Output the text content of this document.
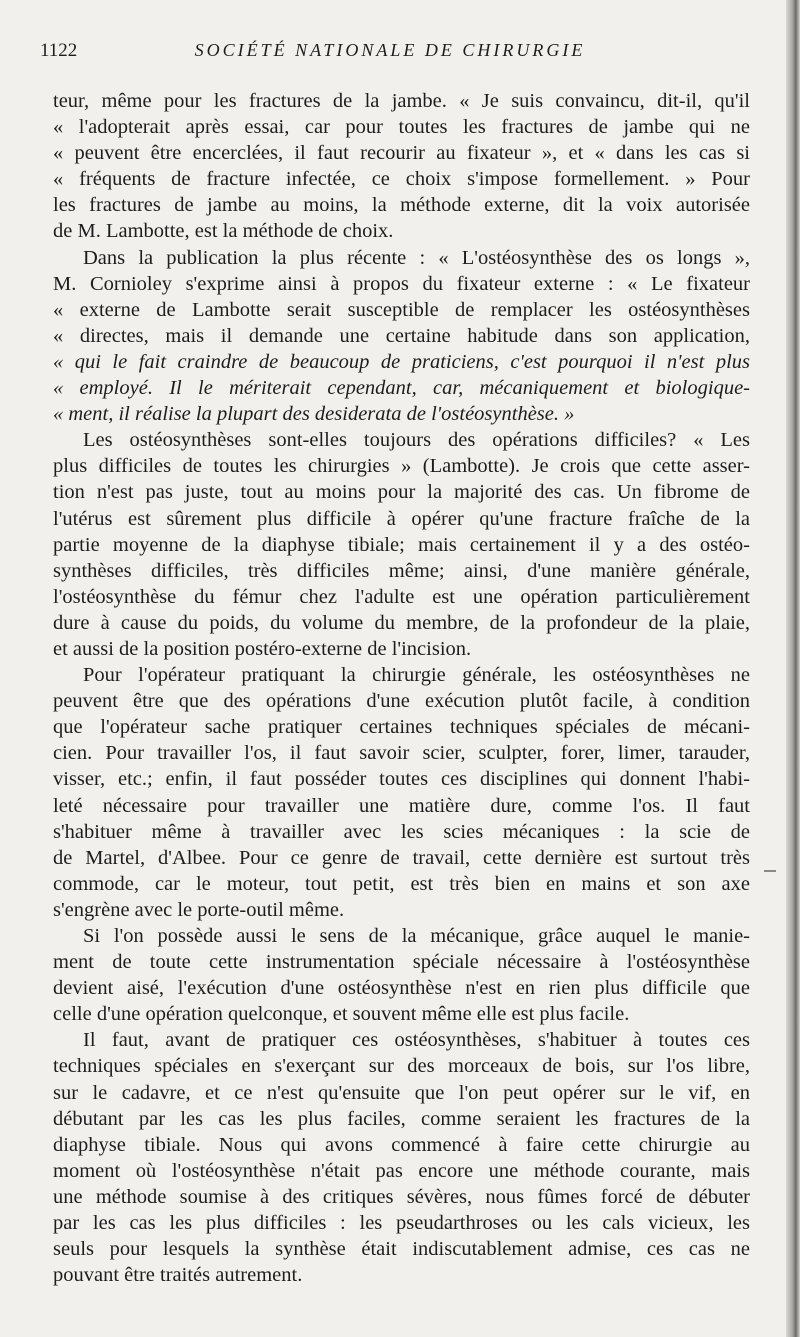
1122	SOCIÉTÉ NATIONALE DE CHIRURGIE
teur, même pour les fractures de la jambe. « Je suis convaincu, dit-il, qu'il
« l'adopterait après essai, car pour toutes les fractures de jambe qui ne
« peuvent être encerclées, il faut recourir au fixateur », et « dans les cas si
« fréquents de fracture infectée, ce choix s'impose formellement. » Pour
les fractures de jambe au moins, la méthode externe, dit la voix autorisée
de M. Lambotte, est la méthode de choix.
Dans la publication la plus récente : « L'ostéosynthèse des os longs »,
M. Cornioley s'exprime ainsi à propos du fixateur externe : « Le fixateur
« externe de Lambotte serait susceptible de remplacer les ostéosynthèses
« directes, mais il demande une certaine habitude dans son application,
« qui le fait craindre de beaucoup de praticiens, c'est pourquoi il n'est plus
« employé. Il le mériterait cependant, car, mécaniquement et biologique-
« ment, il réalise la plupart des desiderata de l'ostéosynthèse. »
Les ostéosynthèses sont-elles toujours des opérations difficiles? « Les
plus difficiles de toutes les chirurgies » (Lambotte). Je crois que cette asser-
tion n'est pas juste, tout au moins pour la majorité des cas. Un fibrome de
l'utérus est sûrement plus difficile à opérer qu'une fracture fraîche de la
partie moyenne de la diaphyse tibiale; mais certainement il y a des ostéo-
synthèses difficiles, très difficiles même; ainsi, d'une manière générale,
l'ostéosynthèse du fémur chez l'adulte est une opération particulièrement
dure à cause du poids, du volume du membre, de la profondeur de la plaie,
et aussi de la position postéro-externe de l'incision.
Pour l'opérateur pratiquant la chirurgie générale, les ostéosynthèses ne
peuvent être que des opérations d'une exécution plutôt facile, à condition
que l'opérateur sache pratiquer certaines techniques spéciales de mécani-
cien. Pour travailler l'os, il faut savoir scier, sculpter, forer, limer, tarauder,
visser, etc.; enfin, il faut posséder toutes ces disciplines qui donnent l'habi-
leté nécessaire pour travailler une matière dure, comme l'os. Il faut
s'habituer même à travailler avec les scies mécaniques : la scie de
de Martel, d'Albee. Pour ce genre de travail, cette dernière est surtout très
commode, car le moteur, tout petit, est très bien en mains et son axe
s'engrène avec le porte-outil même.
Si l'on possède aussi le sens de la mécanique, grâce auquel le manie-
ment de toute cette instrumentation spéciale nécessaire à l'ostéosynthèse
devient aisé, l'exécution d'une ostéosynthèse n'est en rien plus difficile que
celle d'une opération quelconque, et souvent même elle est plus facile.
Il faut, avant de pratiquer ces ostéosynthèses, s'habituer à toutes ces
techniques spéciales en s'exerçant sur des morceaux de bois, sur l'os libre,
sur le cadavre, et ce n'est qu'ensuite que l'on peut opérer sur le vif, en
débutant par les cas les plus faciles, comme seraient les fractures de la
diaphyse tibiale. Nous qui avons commencé à faire cette chirurgie au
moment où l'ostéosynthèse n'était pas encore une méthode courante, mais
une méthode soumise à des critiques sévères, nous fûmes forcé de débuter
par les cas les plus difficiles : les pseudarthroses ou les cals vicieux, les
seuls pour lesquels la synthèse était indiscutablement admise, ces cas ne
pouvant être traités autrement.
